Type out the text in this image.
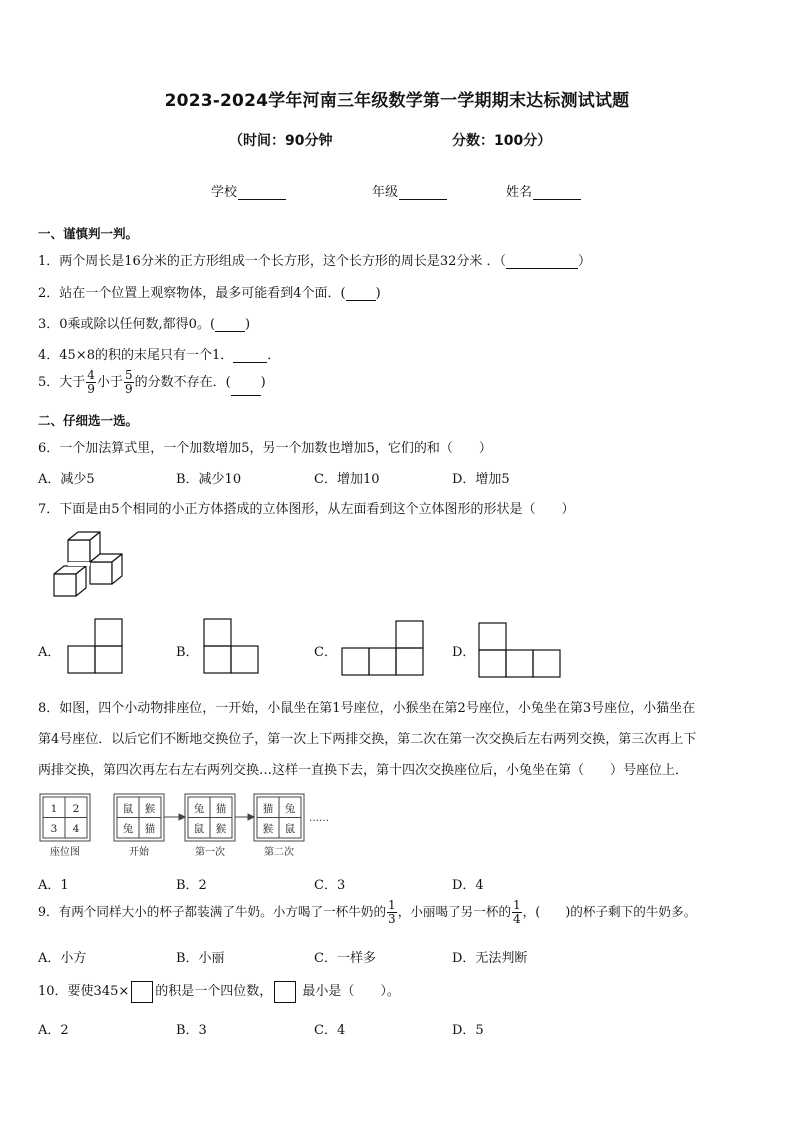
2023-2024学年河南三年级数学第一学期期末达标测试试题
（时间：90分钟	分数：100分）
学校	年级	姓名
一、谨慎判一判。
1．两个周长是16分米的正方形组成一个长方形，这个长方形的周长是32分米 ．（	）
2．站在一个位置上观察物体，最多可能看到4个面．( )
3．0乘或除以任何数,都得0。( )
4．45×8的积的末尾只有一个1．	．
5．大于 $\frac{4}{9}$ 小于 $\frac{5}{9}$ 的分数不存在．( )
二、仔细选一选。
6．一个加法算式里，一个加数增加5，另一个加数也增加5，它们的和（　　）
A．减少5	B．减少10	C．增加10	D．增加5
7．下面是由5个相同的小正方体搭成的立体图形，从左面看到这个立体图形的形状是（　　）
A．	B．	C．	D．
8．如图，四个小动物排座位，一开始，小鼠坐在第1号座位，小猴坐在第2号座位，小兔坐在第3号座位，小猫坐在
第4号座位．以后它们不断地交换位子，第一次上下两排交换，第二次在第一次交换后左右两列交换，第三次再上下
两排交换，第四次再左右左右两列交换…这样一直换下去，第十四次交换座位后，小兔坐在第（　　）号座位上．
1 2
3 4
鼠 猴
兔 猫
兔 猫
鼠 猴
猫 兔
猴 鼠
座位图	开始	第一次	第二次
……
A．1	B．2	C．3	D．4
9．有两个同样大小的杯子都装满了牛奶。小方喝了一杯牛奶的 $\frac{1}{3}$ ，小丽喝了另一杯的 $\frac{1}{4}$ ，(　　)的杯子剩下的牛奶多。
A．小方	B．小丽	C．一样多	D．无法判断
10．要使345× 的积是一个四位数， 最小是（　　）。
A．2	B．3	C．4	D．5
